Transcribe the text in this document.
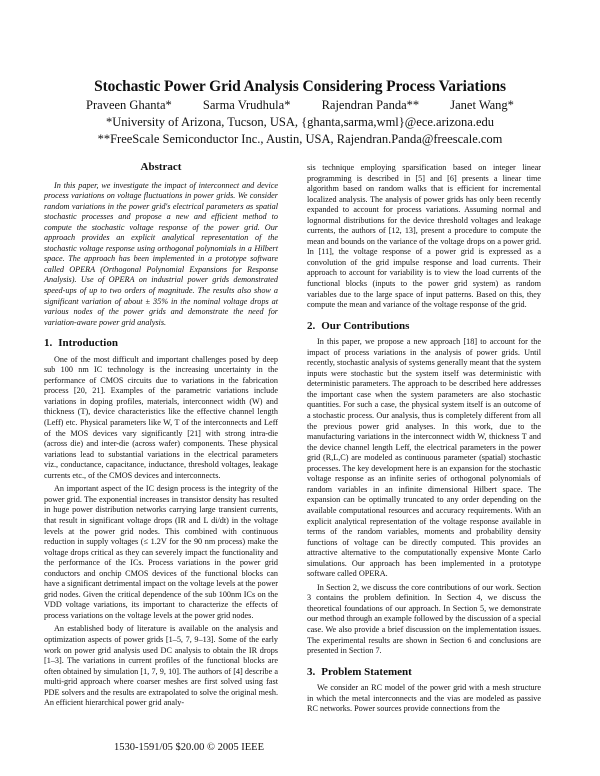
Stochastic Power Grid Analysis Considering Process Variations
Praveen Ghanta* Sarma Vrudhula* Rajendran Panda** Janet Wang*
*University of Arizona, Tucson, USA, {ghanta,sarma,wml}@ece.arizona.edu
**FreeScale Semiconductor Inc., Austin, USA, Rajendran.Panda@freescale.com
Abstract

In this paper, we investigate the impact of interconnect and device process variations on voltage fluctuations in power grids. We consider random variations in the power grid's electrical parameters as spatial stochastic processes and propose a new and efficient method to compute the stochastic voltage response of the power grid. Our approach provides an explicit analytical representation of the stochastic voltage response using orthogonal polynomials in a Hilbert space. The approach has been implemented in a prototype software called OPERA (Orthogonal Polynomial Expansions for Response Analysis). Use of OPERA on industrial power grids demonstrated speed-ups of up to two orders of magnitude. The results also show a significant variation of about ± 35% in the nominal voltage drops at various nodes of the power grids and demonstrate the need for variation-aware power grid analysis.

1. Introduction

One of the most difficult and important challenges posed by deep sub 100 nm IC technology is the increasing uncertainty in the performance of CMOS circuits due to variations in the fabrication process [20, 21]. Examples of the parametric variations include variations in doping profiles, materials, interconnect width (W) and thickness (T), device characteristics like the effective channel length (Leff) etc. Physical parameters like W, T of the interconnects and Leff of the MOS devices vary significantly [21] with strong intra-die (across die) and inter-die (across wafer) components. These physical variations lead to substantial variations in the electrical parameters viz., conductance, capacitance, inductance, threshold voltages, leakage currents etc., of the CMOS devices and interconnects.

An important aspect of the IC design process is the integrity of the power grid. The exponential increases in transistor density has resulted in huge power distribution networks carrying large transient currents, that result in significant voltage drops (IR and L di/dt) in the voltage levels at the power grid nodes. This combined with continuous reduction in supply voltages (≤ 1.2V for the 90 nm process) make the voltage drops critical as they can severely impact the functionality and the performance of the ICs. Process variations in the power grid conductors and onchip CMOS devices of the functional blocks can have a significant detrimental impact on the voltage levels at the power grid nodes. Given the critical dependence of the sub 100nm ICs on the VDD voltage variations, its important to characterize the effects of process variations on the voltage levels at the power grid nodes.

An established body of literature is available on the analysis and optimization aspects of power grids [1–5, 7, 9–13]. Some of the early work on power grid analysis used DC analysis to obtain the IR drops [1–3]. The variations in current profiles of the functional blocks are often obtained by simulation [1, 7, 9, 10]. The authors of [4] describe a multi-grid approach where coarser meshes are first solved using fast PDE solvers and the results are extrapolated to solve the original mesh. An efficient hierarchical power grid analy-

sis technique employing sparsification based on integer linear programming is described in [5] and [6] presents a linear time algorithm based on random walks that is efficient for incremental localized analysis. The analysis of power grids has only been recently expanded to account for process variations. Assuming normal and lognormal distributions for the device threshold voltages and leakage currents, the authors of [12, 13], present a procedure to compute the mean and bounds on the variance of the voltage drops on a power grid. In [11], the voltage response of a power grid is expressed as a convolution of the grid impulse response and load currents. Their approach to account for variability is to view the load currents of the functional blocks (inputs to the power grid system) as random variables due to the large space of input patterns. Based on this, they compute the mean and variance of the voltage response of the grid.

2. Our Contributions

In this paper, we propose a new approach [18] to account for the impact of process variations in the analysis of power grids. Until recently, stochastic analysis of systems generally meant that the system inputs were stochastic but the system itself was deterministic with deterministic parameters. The approach to be described here addresses the important case when the system parameters are also stochastic quantities. For such a case, the physical system itself is an outcome of a stochastic process. Our analysis, thus is completely different from all the previous power grid analyses. In this work, due to the manufacturing variations in the interconnect width W, thickness T and the device channel length Leff, the electrical parameters in the power grid (R,L,C) are modeled as continuous parameter (spatial) stochastic processes. The key development here is an expansion for the stochastic voltage response as an infinite series of orthogonal polynomials of random variables in an infinite dimensional Hilbert space. The expansion can be optimally truncated to any order depending on the available computational resources and accuracy requirements. With an explicit analytical representation of the voltage response available in terms of the random variables, moments and probability density functions of voltage can be directly computed. This provides an attractive alternative to the computationally expensive Monte Carlo simulations. Our approach has been implemented in a prototype software called OPERA.

In Section 2, we discuss the core contributions of our work. Section 3 contains the problem definition. In Section 4, we discuss the theoretical foundations of our approach. In Section 5, we demonstrate our method through an example followed by the discussion of a special case. We also provide a brief discussion on the implementation issues. The experimental results are shown in Section 6 and conclusions are presented in Section 7.

3. Problem Statement

We consider an RC model of the power grid with a mesh structure in which the metal interconnects and the vias are modeled as passive RC networks. Power sources provide connections from the

1530-1591/05 $20.00 © 2005 IEEE
